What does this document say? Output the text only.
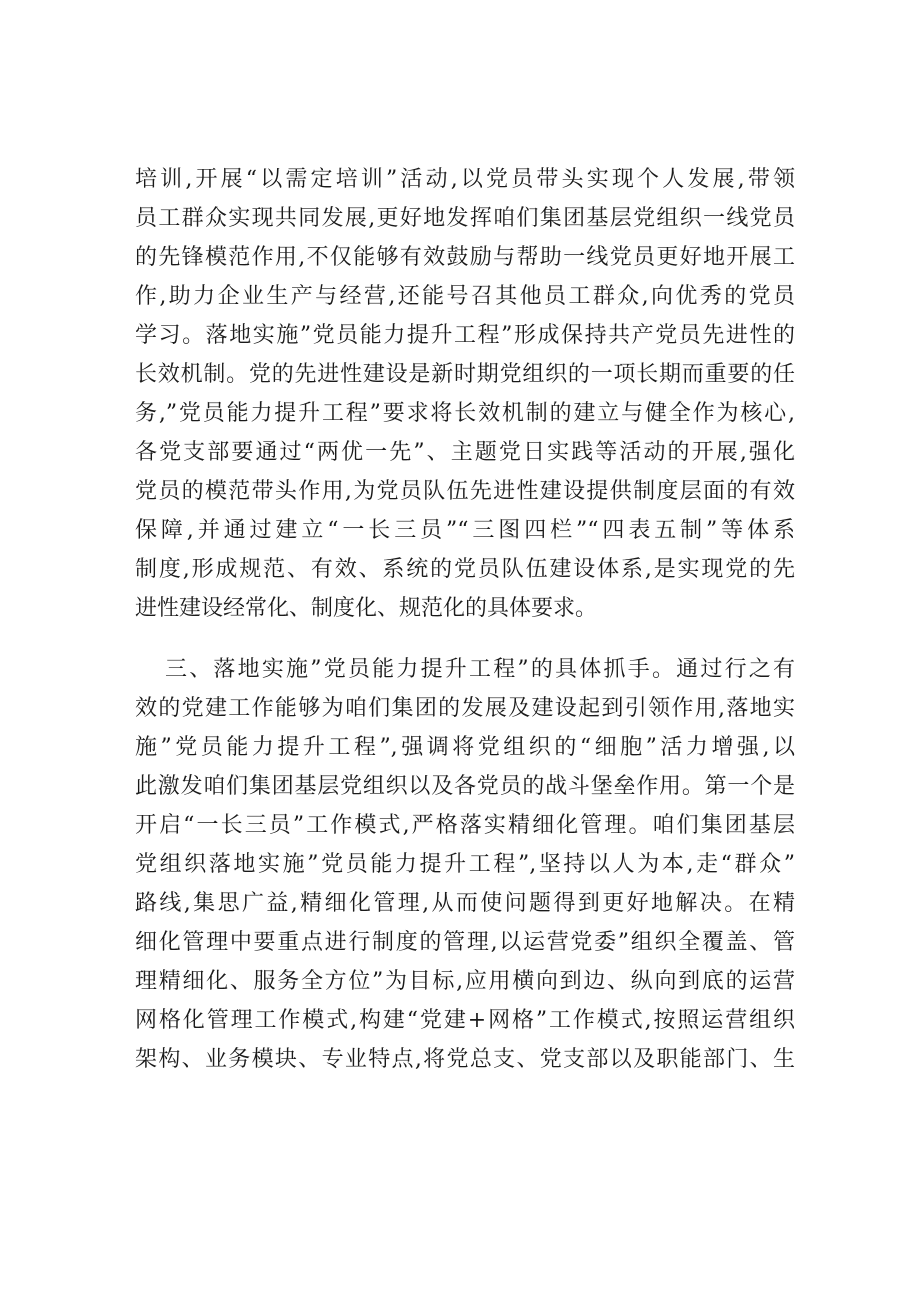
培训,开展“以需定培训”活动,以党员带头实现个人发展,带领
员工群众实现共同发展,更好地发挥咱们集团基层党组织一线党员
的先锋模范作用,不仅能够有效鼓励与帮助一线党员更好地开展工
作,助力企业生产与经营,还能号召其他员工群众,向优秀的党员
学习。落地实施”党员能力提升工程”形成保持共产党员先进性的
长效机制。党的先进性建设是新时期党组织的一项长期而重要的任
务,”党员能力提升工程”要求将长效机制的建立与健全作为核心,
各党支部要通过“两优一先”、主题党日实践等活动的开展,强化
党员的模范带头作用,为党员队伍先进性建设提供制度层面的有效
保障,并通过建立“一长三员”“三图四栏”“四表五制”等体系
制度,形成规范、有效、系统的党员队伍建设体系,是实现党的先
进性建设经常化、制度化、规范化的具体要求。
三、落地实施”党员能力提升工程”的具体抓手。通过行之有
效的党建工作能够为咱们集团的发展及建设起到引领作用,落地实
施”党员能力提升工程”,强调将党组织的“细胞”活力增强,以
此激发咱们集团基层党组织以及各党员的战斗堡垒作用。第一个是
开启“一长三员”工作模式,严格落实精细化管理。咱们集团基层
党组织落地实施”党员能力提升工程”,坚持以人为本,走“群众”
路线,集思广益,精细化管理,从而使问题得到更好地解决。在精
细化管理中要重点进行制度的管理,以运营党委”组织全覆盖、管
理精细化、服务全方位”为目标,应用横向到边、纵向到底的运营
网格化管理工作模式,构建“党建+网格”工作模式,按照运营组织
架构、业务模块、专业特点,将党总支、党支部以及职能部门、生
